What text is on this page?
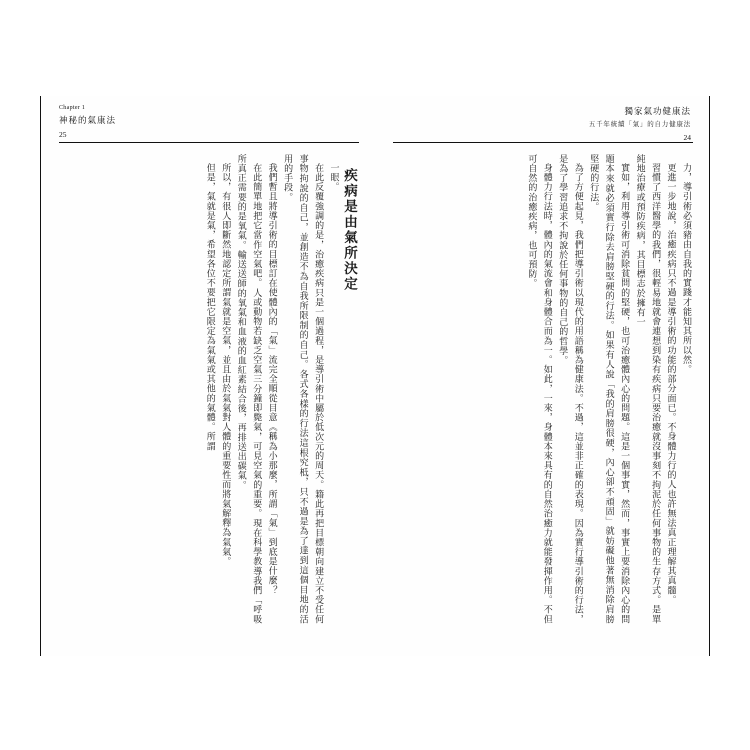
獨家氣功健康法
五千年統續「氣」的自力健康法
24

力，導引術必須豬由自我的實踐才能知其所以然。

更進一步地說，治癒疾病只不過是導引術的功能的部分面已。不身體力行的人也許無法真正理解其真髓。

習慣了西洋醫學的我們，很輕易地就會連想到染有疾病只要治癒就沒事刻不拘泥於任何事物的生存方式。是單純地治療或預防疾病，其目標志於擁有一

實如，利用導引術可消除貧問的堅硬，也可治癒體內心的問題。這是一個事實，然而，事實上要消除內心的問題本來就必須實行除去肩膀堅硬的行法。如果有人說「我的肩膀很硬，內心卻不頑固」就妨礙他著無消除肩膀堅硬的行法。

為了方便起見，我們把導引術以現代的用語稱為健康法。不過，這並非正確的表現。因為實行導引術的行法，是為了學習追求不拘說於任何事物的自己的哲學。

身體力行法時，體內的氣流會和身體合而為一。如此，一來，身體本來具有的自然治癒力就能發揮作用。不但可自然的治癒疾病，也可預防。

Chapter 1
神秘的氣康法
25

疾病是由氣所決定

一眼。

在此反覆強調的是，治癒疾病只是一個過程，是導引術中屬於低次元的周天。籍此再把目標朝向建立不受任何事物拘說的自己，並創造不為自我所限制的自己。各式各樣的行法這根究柢，只不過是為了達到這個目地的活用的手段。

我們暫且將導引術的目標訂在使體內的「氣」流完全順從目意《稱為小那麼，所謂「氣」到底是什麼？

在此簡單地把它當作空氣吧。人或動物若缺乏空氣三分鐘即斃氣，可見空氣的重要。現在科學教導我們「呼吸所真正需要的是氧氣。輸送送師的氧氣和血液的血紅素結合後，再排送出碳氣。

所以，有很人即斷然地認定所謂氣就是空氣，並且由於氣氣對人體的重要性而將氣解釋為氣氣。

但是，氣就是氣，希望各位不要把它限定為氣氣或其他的氣體。所謂
